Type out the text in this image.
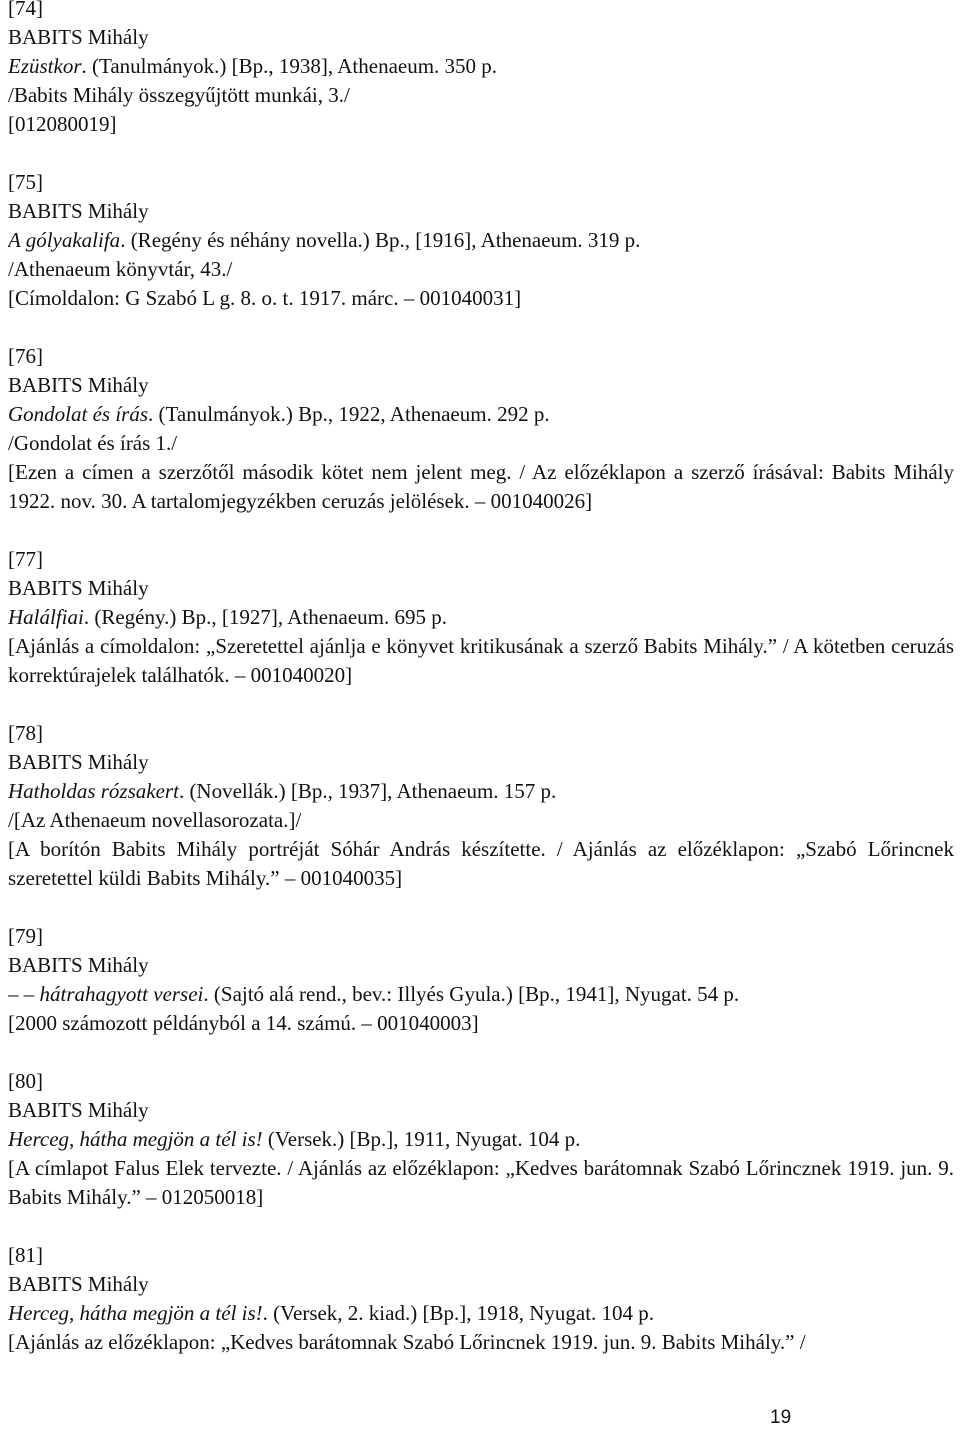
[74]
BABITS Mihály
Ezüstkor. (Tanulmányok.) [Bp., 1938], Athenaeum. 350 p.
/Babits Mihály összegyűjtött munkái, 3./
[012080019]
[75]
BABITS Mihály
A gólyakalifa. (Regény és néhány novella.) Bp., [1916], Athenaeum. 319 p.
/Athenaeum könyvtár, 43./
[Címoldalon: G Szabó L g. 8. o. t. 1917. márc. – 001040031]
[76]
BABITS Mihály
Gondolat és írás. (Tanulmányok.) Bp., 1922, Athenaeum. 292 p.
/Gondolat és írás 1./
[Ezen a címen a szerzőtől második kötet nem jelent meg. / Az előzéklapon a szerző írásával: Babits Mihály 1922. nov. 30. A tartalomjegyzékben ceruzás jelölések. – 001040026]
[77]
BABITS Mihály
Halálfiai. (Regény.) Bp., [1927], Athenaeum. 695 p.
[Ajánlás a címoldalon: „Szeretettel ajánlja e könyvet kritikusának a szerző Babits Mihály.” / A kötetben ceruzás korrektúrajelek találhatók. – 001040020]
[78]
BABITS Mihály
Hatholdas rózsakert. (Novellák.) [Bp., 1937], Athenaeum. 157 p.
/[Az Athenaeum novellasorozata.]/
[A borítón Babits Mihály portréját Sóhár András készítette. / Ajánlás az előzéklapon: „Szabó Lőrincnek szeretettel küldi Babits Mihály.” – 001040035]
[79]
BABITS Mihály
– – hátrahagyott versei. (Sajtó alá rend., bev.: Illyés Gyula.) [Bp., 1941], Nyugat. 54 p.
[2000 számozott példányból a 14. számú. – 001040003]
[80]
BABITS Mihály
Herceg, hátha megjön a tél is! (Versek.) [Bp.], 1911, Nyugat. 104 p.
[A címlapot Falus Elek tervezte. / Ajánlás az előzéklapon: „Kedves barátomnak Szabó Lőrincznek 1919. jun. 9. Babits Mihály.” – 012050018]
[81]
BABITS Mihály
Herceg, hátha megjön a tél is!. (Versek, 2. kiad.) [Bp.], 1918, Nyugat. 104 p.
[Ajánlás az előzéklapon: „Kedves barátomnak Szabó Lőrincnek 1919. jun. 9. Babits Mihály.” /
19
